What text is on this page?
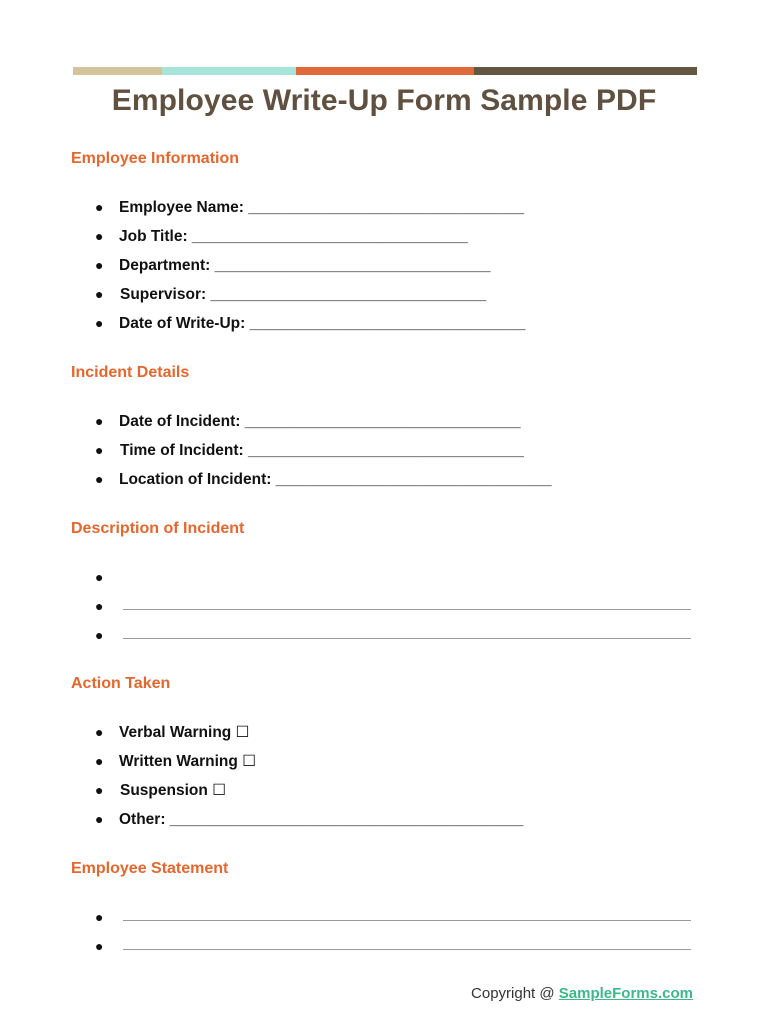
Employee Write-Up Form Sample PDF
Employee Information
● Employee Name: ________________________________
● Job Title: ________________________________
● Department: ________________________________
● Supervisor: ________________________________
● Date of Write-Up: ________________________________
Incident Details
● Date of Incident: ________________________________
● Time of Incident: ________________________________
● Location of Incident: ________________________________
Description of Incident
●
●
●
Action Taken
● Verbal Warning ☐
● Written Warning ☐
● Suspension ☐
● Other: _________________________________________
Employee Statement
●
●
Copyright @ SampleForms.com
